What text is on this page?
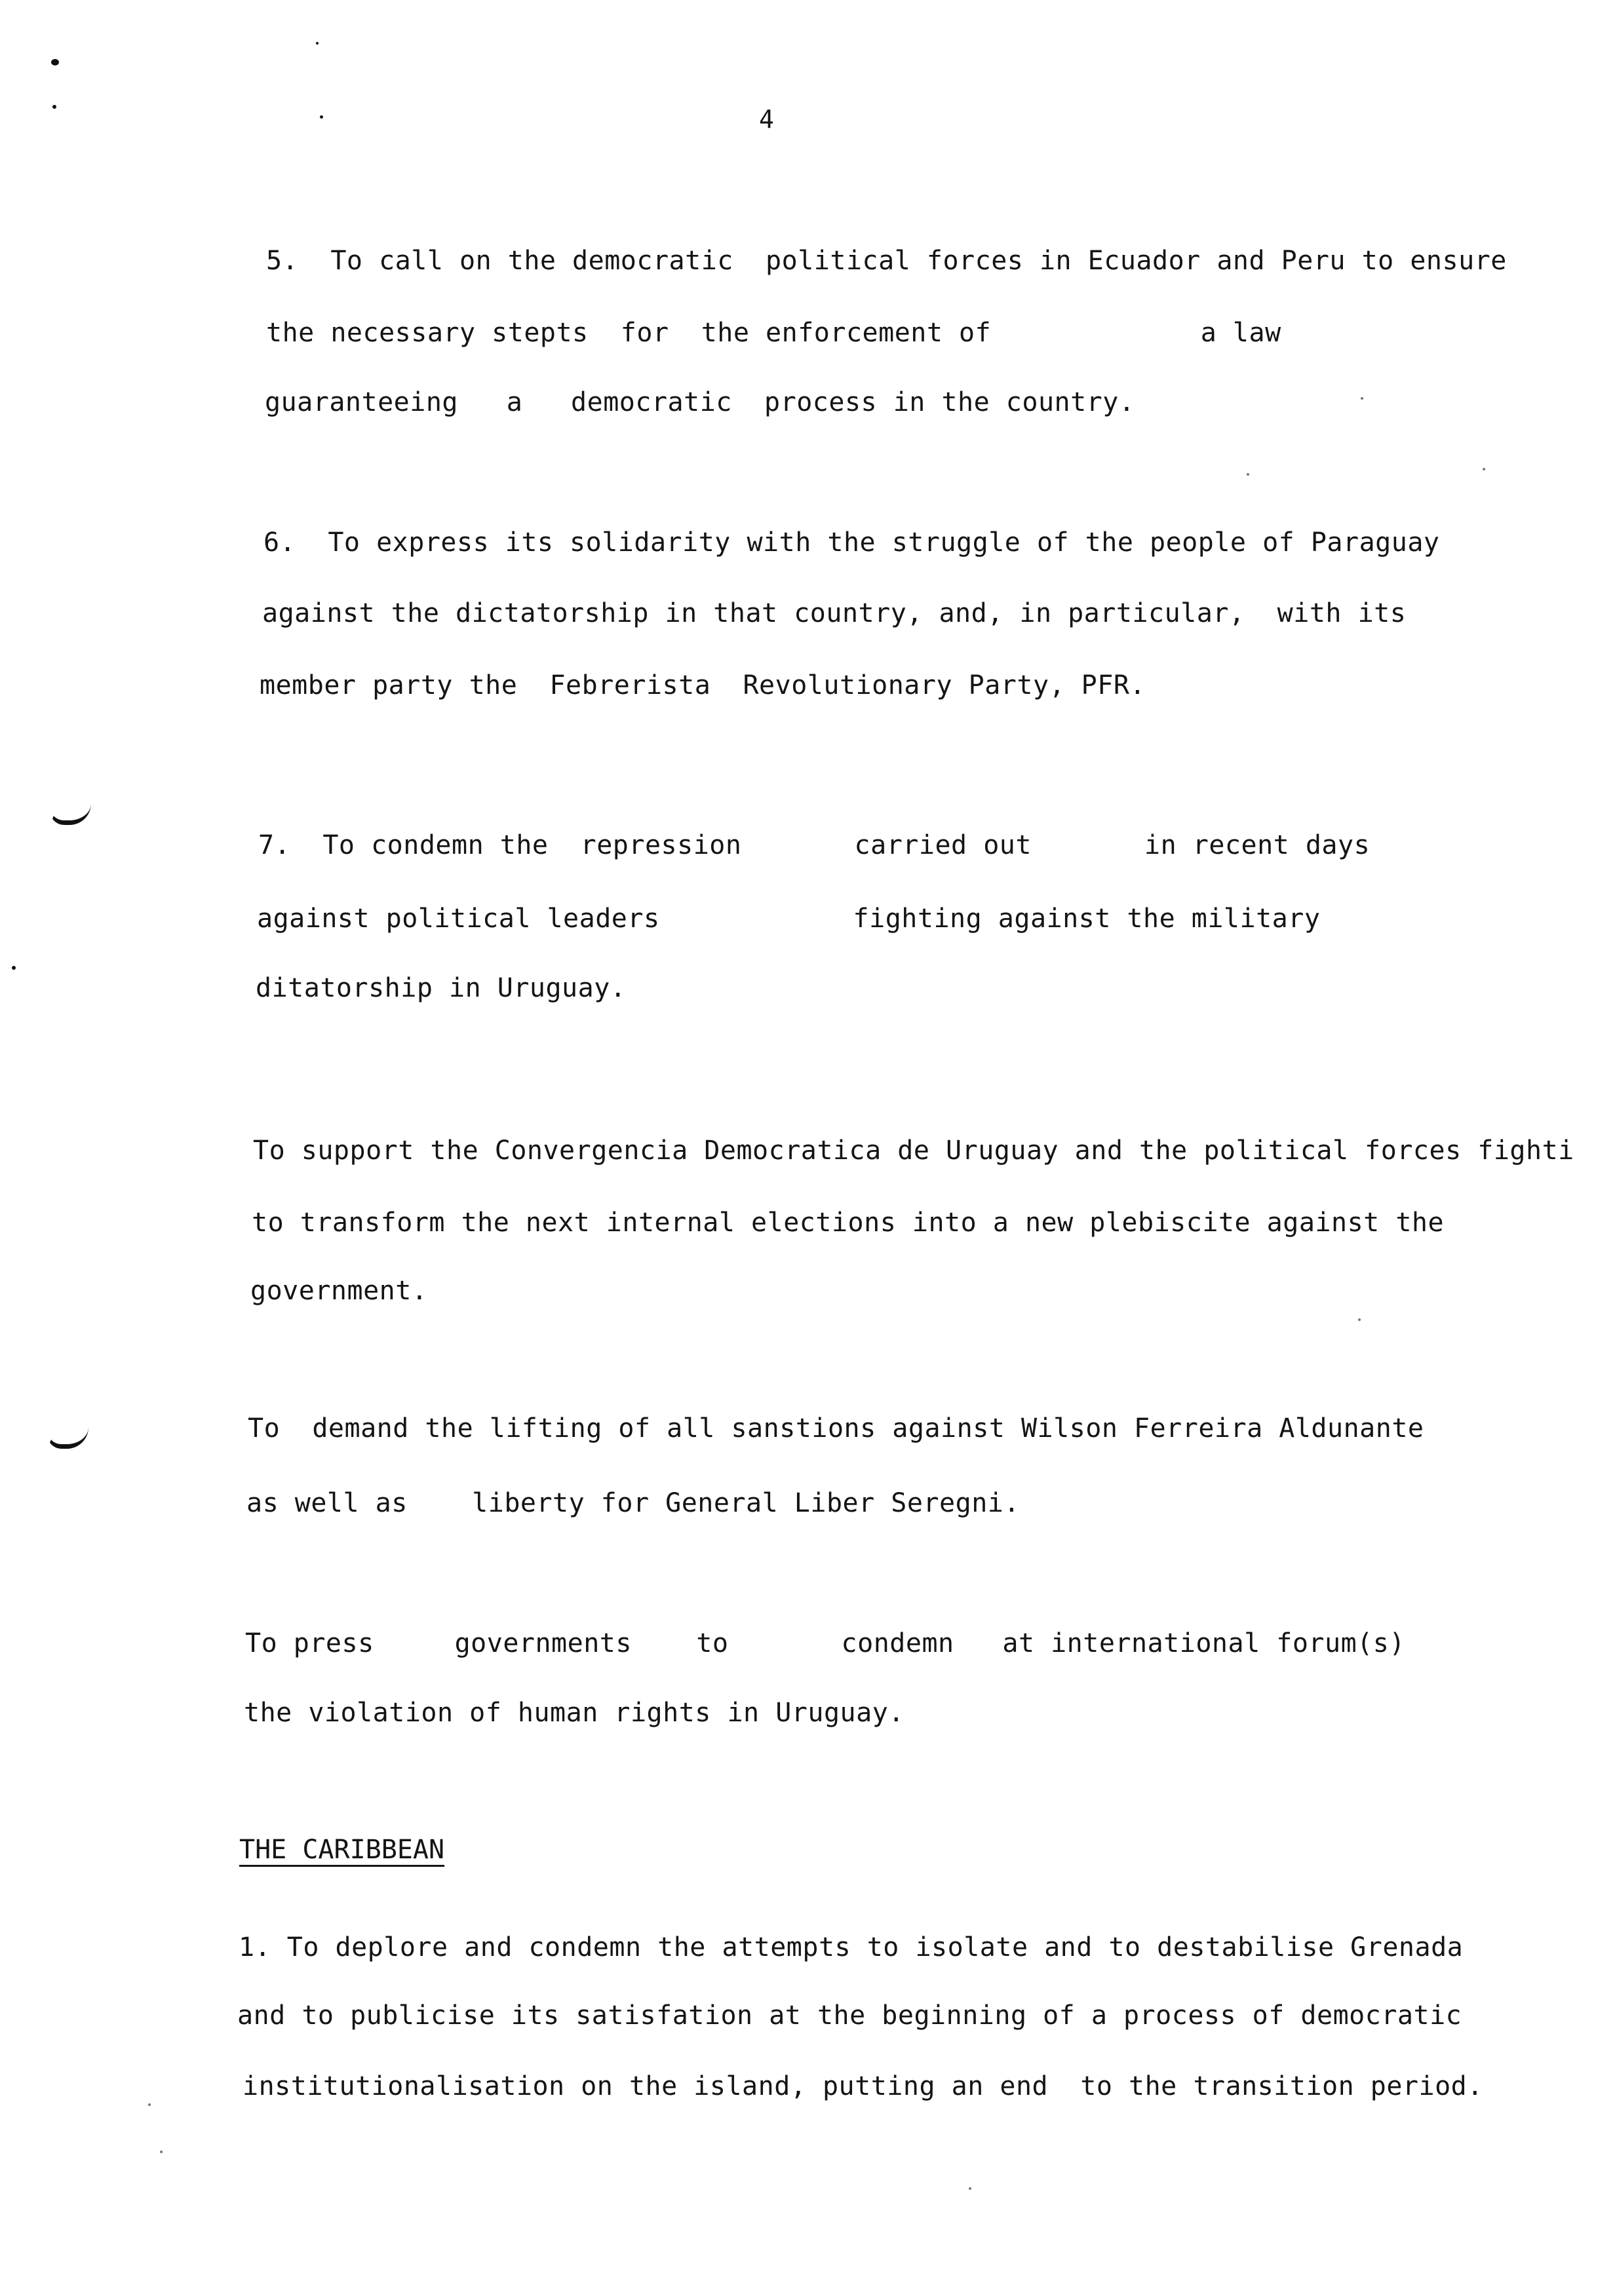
4
5.  To call on the democratic  political forces in Ecuador and Peru to ensure
the necessary stepts  for  the enforcement of             a law
guaranteeing   a   democratic  process in the country.
6.  To express its solidarity with the struggle of the people of Paraguay
against the dictatorship in that country, and, in particular,  with its
member party the  Febrerista  Revolutionary Party, PFR.
7.  To condemn the  repression       carried out       in recent days
against political leaders            fighting against the military
ditatorship in Uruguay.
To support the Convergencia Democratica de Uruguay and the political forces fighti
to transform the next internal elections into a new plebiscite against the
government.
To  demand the lifting of all sanstions against Wilson Ferreira Aldunante
as well as    liberty for General Liber Seregni.
To press     governments    to       condemn   at international forum(s)
the violation of human rights in Uruguay.
THE CARIBBEAN
1. To deplore and condemn the attempts to isolate and to destabilise Grenada
and to publicise its satisfation at the beginning of a process of democratic
institutionalisation on the island, putting an end  to the transition period.
